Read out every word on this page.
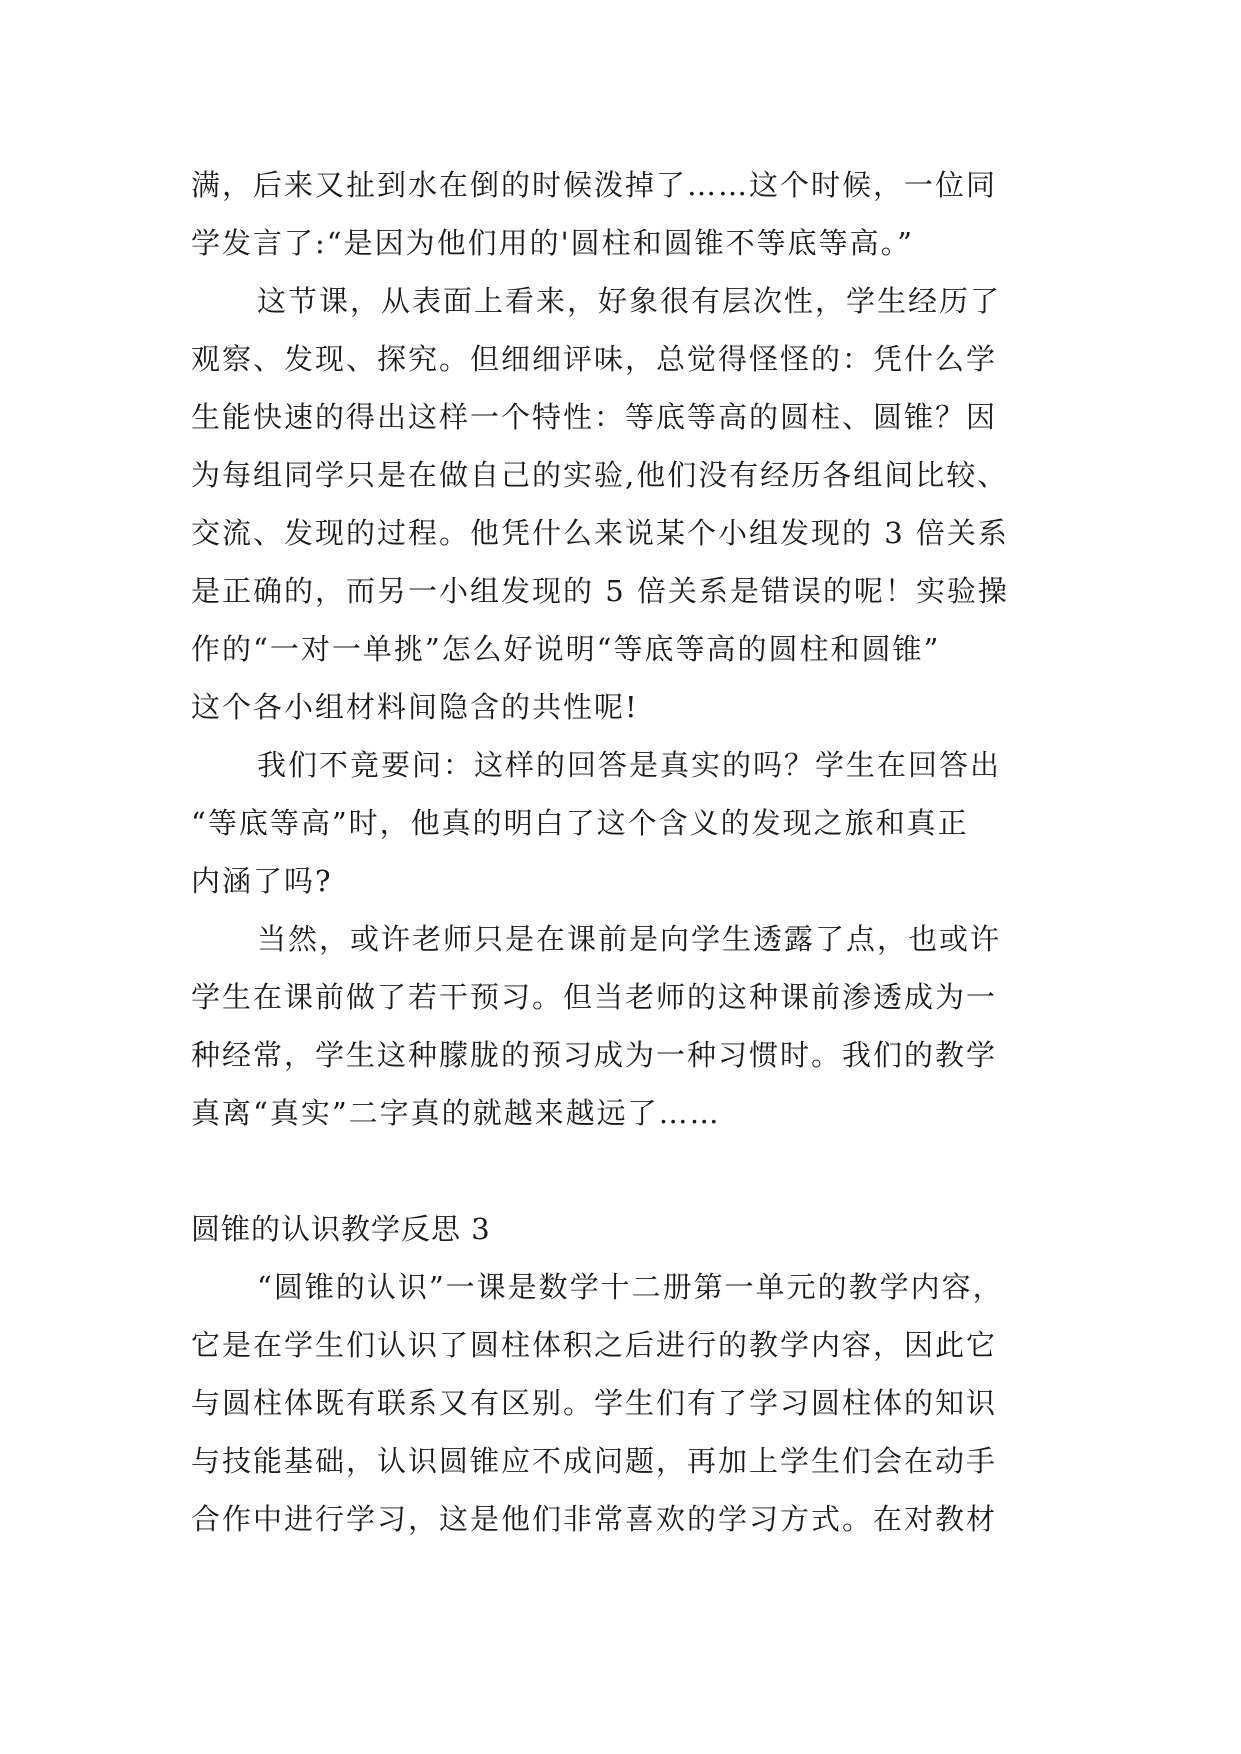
满，后来又扯到水在倒的时候泼掉了……这个时候，一位同
学发言了:“是因为他们用的'圆柱和圆锥不等底等高。”
这节课，从表面上看来，好象很有层次性，学生经历了
观察、发现、探究。但细细评味，总觉得怪怪的：凭什么学
生能快速的得出这样一个特性：等底等高的圆柱、圆锥？因
为每组同学只是在做自己的实验,他们没有经历各组间比较、
交流、发现的过程。他凭什么来说某个小组发现的 3 倍关系
是正确的，而另一小组发现的 5 倍关系是错误的呢！实验操
作的“一对一单挑”怎么好说明“等底等高的圆柱和圆锥”
这个各小组材料间隐含的共性呢!
我们不竟要问：这样的回答是真实的吗？学生在回答出
“等底等高”时，他真的明白了这个含义的发现之旅和真正
内涵了吗?
当然，或许老师只是在课前是向学生透露了点，也或许
学生在课前做了若干预习。但当老师的这种课前渗透成为一
种经常，学生这种朦胧的预习成为一种习惯时。我们的教学
真离“真实”二字真的就越来越远了……
圆锥的认识教学反思 3
“圆锥的认识”一课是数学十二册第一单元的教学内容，
它是在学生们认识了圆柱体积之后进行的教学内容，因此它
与圆柱体既有联系又有区别。学生们有了学习圆柱体的知识
与技能基础，认识圆锥应不成问题，再加上学生们会在动手
合作中进行学习，这是他们非常喜欢的学习方式。在对教材
